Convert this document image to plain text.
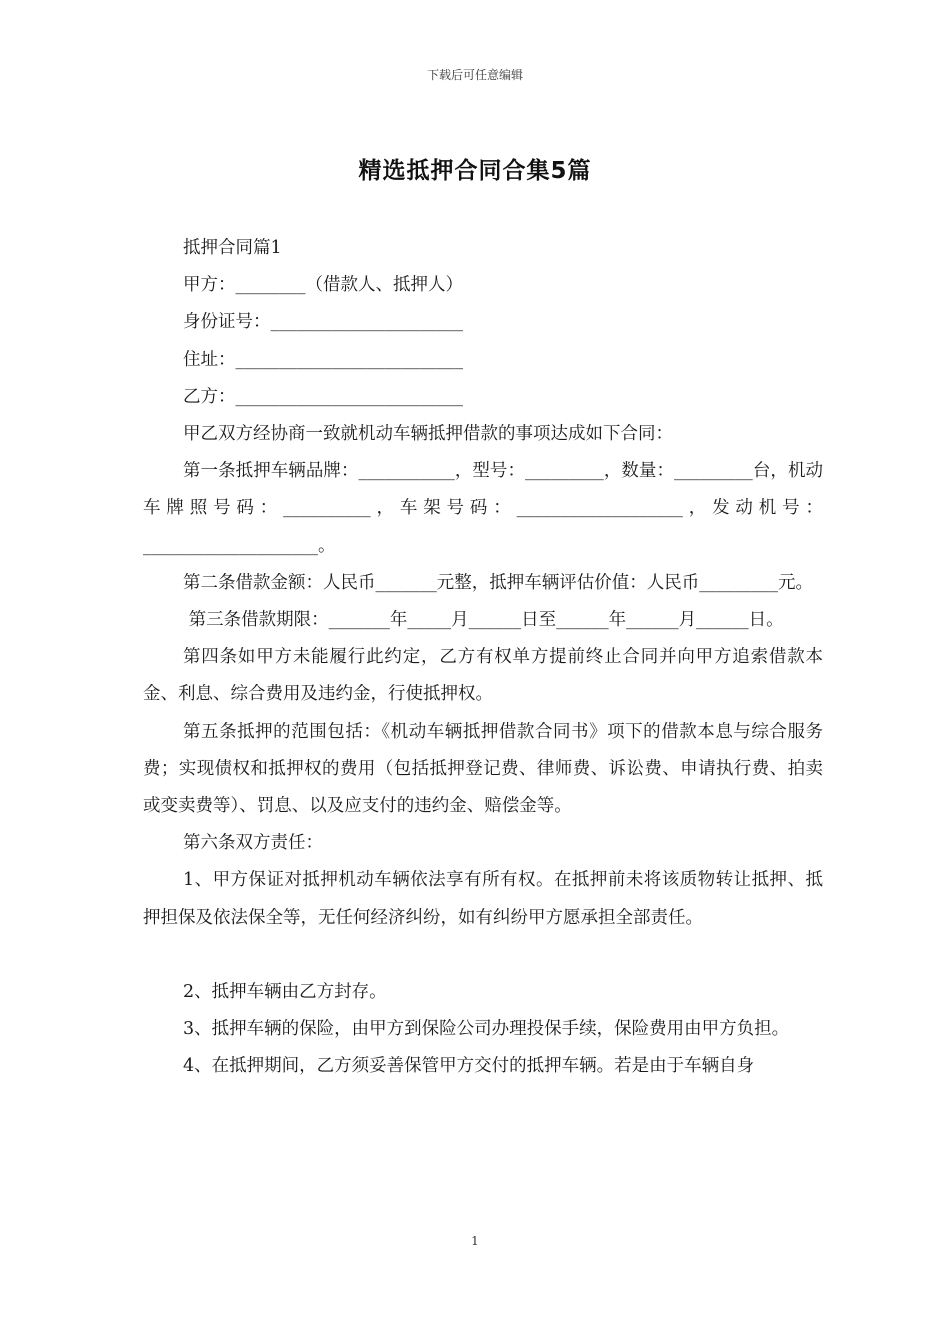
下载后可任意编辑
精选抵押合同合集5篇

抵押合同篇1

甲方：________（借款人、抵押人）

身份证号：______________________

住址：__________________________

乙方：__________________________

甲乙双方经协商一致就机动车辆抵押借款的事项达成如下合同：

第一条抵押车辆品牌：___________，型号：_________，数量：_________台，机动车牌照号码：__________，车架号码：___________________，发动机号：____________________。

第二条借款金额：人民币_______元整，抵押车辆评估价值：人民币_________元。

第三条借款期限：_______年_____月______日至______年______月______日。

第四条如甲方未能履行此约定，乙方有权单方提前终止合同并向甲方追索借款本金、利息、综合费用及违约金，行使抵押权。

第五条抵押的范围包括：《机动车辆抵押借款合同书》项下的借款本息与综合服务费；实现债权和抵押权的费用（包括抵押登记费、律师费、诉讼费、申请执行费、拍卖或变卖费等）、罚息、以及应支付的违约金、赔偿金等。

第六条双方责任：

1、甲方保证对抵押机动车辆依法享有所有权。在抵押前未将该质物转让抵押、抵押担保及依法保全等，无任何经济纠纷，如有纠纷甲方愿承担全部责任。

2、抵押车辆由乙方封存。

3、抵押车辆的保险，由甲方到保险公司办理投保手续，保险费用由甲方负担。

4、在抵押期间，乙方须妥善保管甲方交付的抵押车辆。若是由于车辆自身

1
